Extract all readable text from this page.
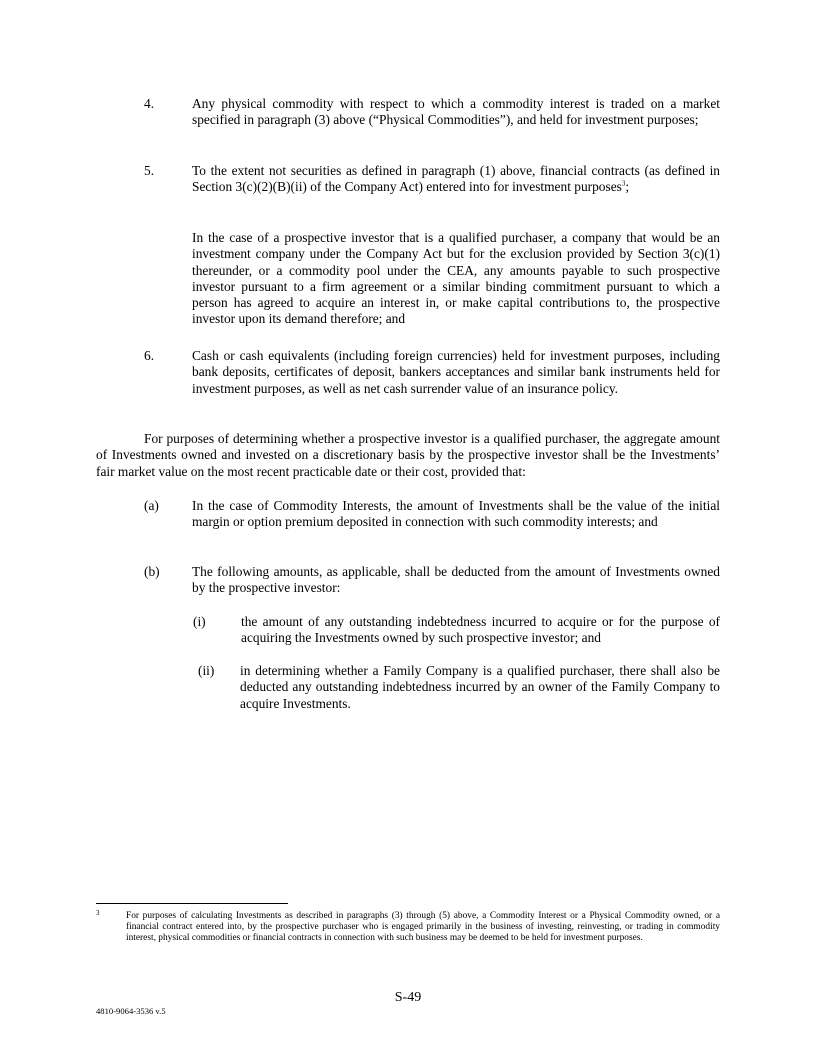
4.	Any physical commodity with respect to which a commodity interest is traded on a market specified in paragraph (3) above (“Physical Commodities”), and held for investment purposes;
5.	To the extent not securities as defined in paragraph (1) above, financial contracts (as defined in Section 3(c)(2)(B)(ii) of the Company Act) entered into for investment purposes$^3$;
In the case of a prospective investor that is a qualified purchaser, a company that would be an investment company under the Company Act but for the exclusion provided by Section 3(c)(1) thereunder, or a commodity pool under the CEA, any amounts payable to such prospective investor pursuant to a firm agreement or a similar binding commitment pursuant to which a person has agreed to acquire an interest in, or make capital contributions to, the prospective investor upon its demand therefore; and
6.	Cash or cash equivalents (including foreign currencies) held for investment purposes, including bank deposits, certificates of deposit, bankers acceptances and similar bank instruments held for investment purposes, as well as net cash surrender value of an insurance policy.
For purposes of determining whether a prospective investor is a qualified purchaser, the aggregate amount of Investments owned and invested on a discretionary basis by the prospective investor shall be the Investments’ fair market value on the most recent practicable date or their cost, provided that:
(a) In the case of Commodity Interests, the amount of Investments shall be the value of the initial margin or option premium deposited in connection with such commodity interests; and
(b) The following amounts, as applicable, shall be deducted from the amount of Investments owned by the prospective investor:
(i)	the amount of any outstanding indebtedness incurred to acquire or for the purpose of acquiring the Investments owned by such prospective investor; and
(ii) in determining whether a Family Company is a qualified purchaser, there shall also be deducted any outstanding indebtedness incurred by an owner of the Family Company to acquire Investments.
3	For purposes of calculating Investments as described in paragraphs (3) through (5) above, a Commodity Interest or a Physical Commodity owned, or a financial contract entered into, by the prospective purchaser who is engaged primarily in the business of investing, reinvesting, or trading in commodity interest, physical commodities or financial contracts in connection with such business may be deemed to be held for investment purposes.
S-49
4810-9064-3536 v.5
